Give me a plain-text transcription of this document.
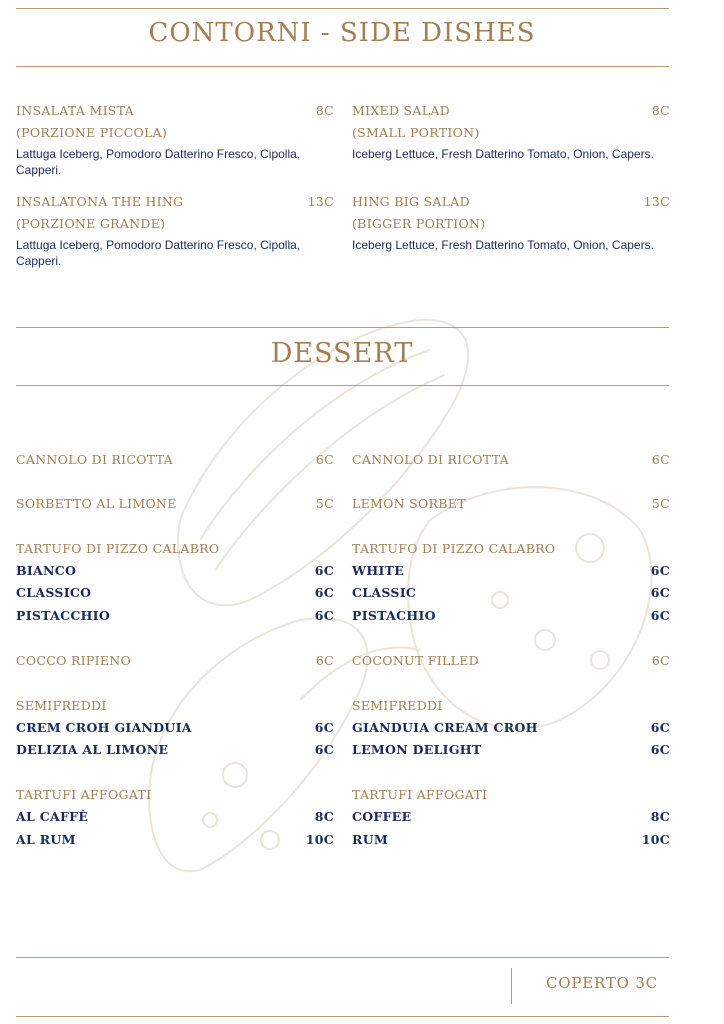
CONTORNI - SIDE DISHES
INSALATA MISTA	8C
(PORZIONE PICCOLA)
Lattuga Iceberg, Pomodoro Datterino Fresco, Cipolla, Capperi.
MIXED SALAD	8C
(SMALL PORTION)
Iceberg Lettuce, Fresh Datterino Tomato, Onion, Capers.
INSALATONA THE HING	13C
(PORZIONE GRANDE)
Lattuga Iceberg, Pomodoro Datterino Fresco, Cipolla, Capperi.
HING BIG SALAD	13C
(BIGGER PORTION)
Iceberg Lettuce, Fresh Datterino Tomato, Onion, Capers.
DESSERT
CANNOLO DI RICOTTA	6C
SORBETTO AL LIMONE	5C
TARTUFO DI PIZZO CALABRO
BIANCO	6C
CLASSICO	6C
PISTACCHIO	6C
COCCO RIPIENO	6C
SEMIFREDDI
CREM CROH GIANDUIA	6C
DELIZIA AL LIMONE	6C
TARTUFI AFFOGATI
AL CAFFÈ	8C
AL RUM	10C
CANNOLO DI RICOTTA	6C
LEMON SORBET	5C
TARTUFO DI PIZZO CALABRO
WHITE	6C
CLASSIC	6C
PISTACHIO	6C
COCONUT FILLED	6C
SEMIFREDDI
GIANDUIA CREAM CROH	6C
LEMON DELIGHT	6C
TARTUFI AFFOGATI
COFFEE	8C
RUM	10C
COPERTO 3C
